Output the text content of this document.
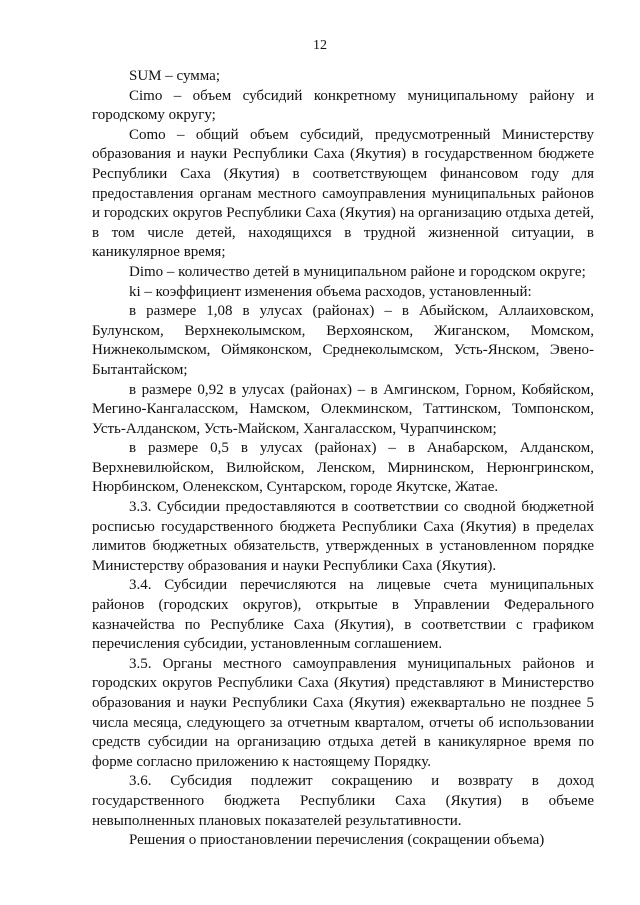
12

SUM – сумма;

Cimo – объем субсидий конкретному муниципальному району и городскому округу;

Como – общий объем субсидий, предусмотренный Министерству образования и науки Республики Саха (Якутия) в государственном бюджете Республики Саха (Якутия) в соответствующем финансовом году для предоставления органам местного самоуправления муниципальных районов и городских округов Республики Саха (Якутия) на организацию отдыха детей, в том числе детей, находящихся в трудной жизненной ситуации, в каникулярное время;

Dimo – количество детей в муниципальном районе и городском округе;

ki – коэффициент изменения объема расходов, установленный:

в размере 1,08 в улусах (районах) – в Абыйском, Аллаиховском, Булунском, Верхнеколымском, Верхоянском, Жиганском, Момском, Нижнеколымском, Оймяконском, Среднеколымском, Усть-Янском, Эвено-Бытантайском;

в размере 0,92 в улусах (районах) – в Амгинском, Горном, Кобяйском, Мегино-Кангаласском, Намском, Олекминском, Таттинском, Томпонском, Усть-Алданском, Усть-Майском, Хангаласском, Чурапчинском;

в размере 0,5 в улусах (районах) – в Анабарском, Алданском, Верхневилюйском, Вилюйском, Ленском, Мирнинском, Нерюнгринском, Нюрбинском, Оленекском, Сунтарском, городе Якутске, Жатае.

3.3. Субсидии предоставляются в соответствии со сводной бюджетной росписью государственного бюджета Республики Саха (Якутия) в пределах лимитов бюджетных обязательств, утвержденных в установленном порядке Министерству образования и науки Республики Саха (Якутия).

3.4. Субсидии перечисляются на лицевые счета муниципальных районов (городских округов), открытые в Управлении Федерального казначейства по Республике Саха (Якутия), в соответствии с графиком перечисления субсидии, установленным соглашением.

3.5. Органы местного самоуправления муниципальных районов и городских округов Республики Саха (Якутия) представляют в Министерство образования и науки Республики Саха (Якутия) ежеквартально не позднее 5 числа месяца, следующего за отчетным кварталом, отчеты об использовании средств субсидии на организацию отдыха детей в каникулярное время по форме согласно приложению к настоящему Порядку.

3.6. Субсидия подлежит сокращению и возврату в доход государственного бюджета Республики Саха (Якутия) в объеме невыполненных плановых показателей результативности.

Решения о приостановлении перечисления (сокращении объема)
